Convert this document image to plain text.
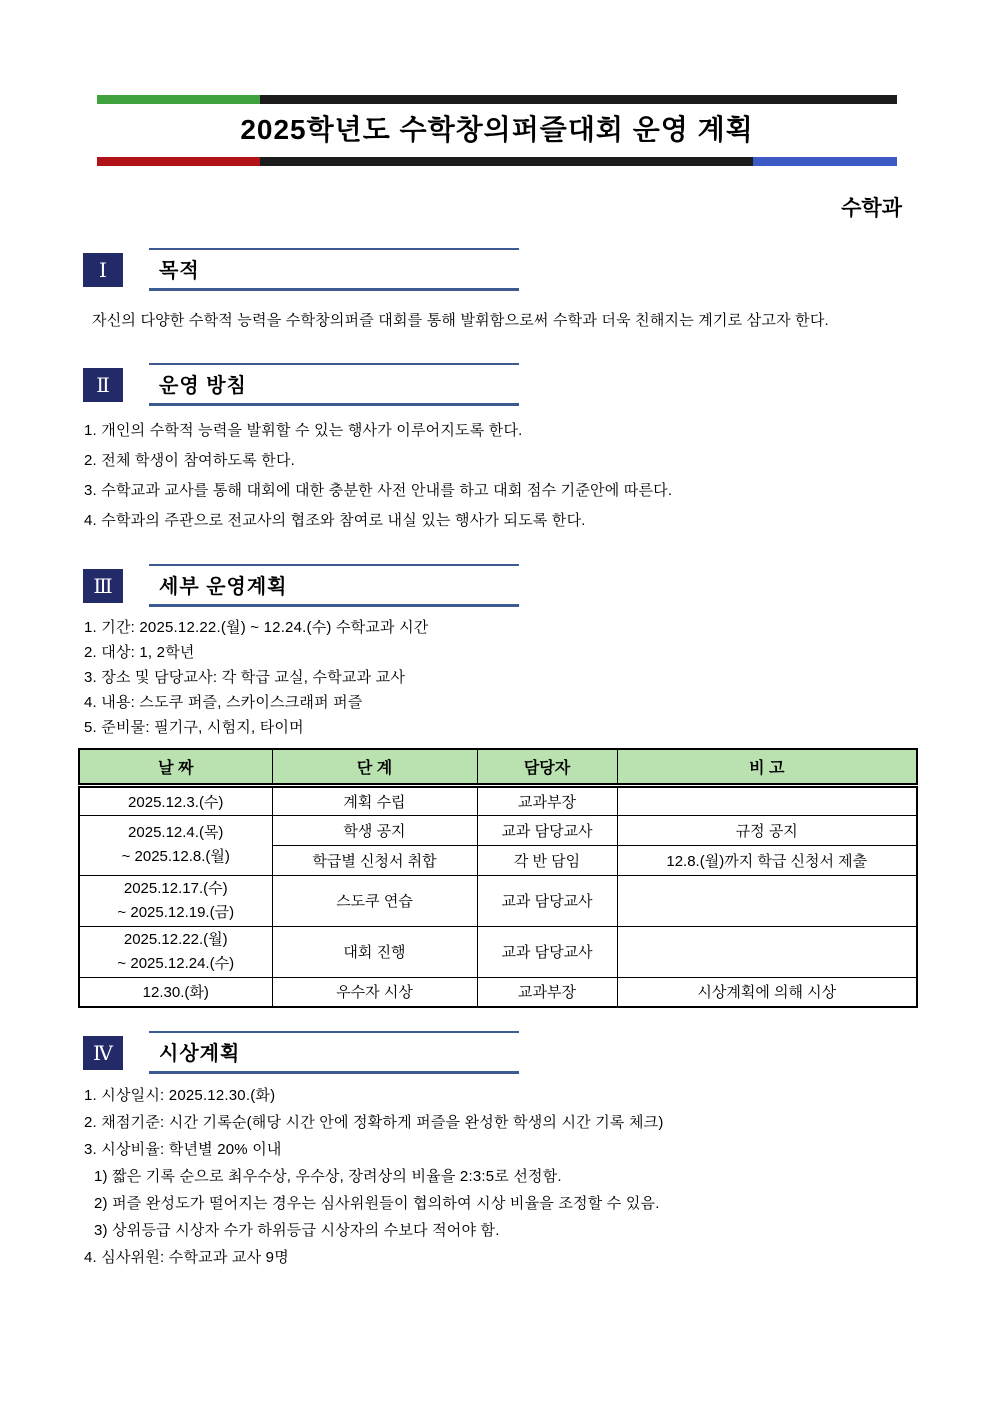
2025학년도 수학창의퍼즐대회 운영 계획
수학과
Ⅰ	목적
자신의 다양한 수학적 능력을 수학창의퍼즐 대회를 통해 발휘함으로써 수학과 더욱 친해지는 계기로 삼고자 한다.
Ⅱ	운영 방침
1. 개인의 수학적 능력을 발휘할 수 있는 행사가 이루어지도록 한다.
2. 전체 학생이 참여하도록 한다.
3. 수학교과 교사를 통해 대회에 대한 충분한 사전 안내를 하고 대회 점수 기준안에 따른다.
4. 수학과의 주관으로 전교사의 협조와 참여로 내실 있는 행사가 되도록 한다.
Ⅲ	세부 운영계획
1. 기간: 2025.12.22.(월) ~ 12.24.(수) 수학교과 시간
2. 대상: 1, 2학년
3. 장소 및 담당교사: 각 학급 교실, 수학교과 교사
4. 내용: 스도쿠 퍼즐, 스카이스크래퍼 퍼즐
5. 준비물: 필기구, 시험지, 타이머
날 짜	단 계	담당자	비 고
2025.12.3.(수)	계획 수립	교과부장	

2025.12.4.(목)
~ 2025.12.8.(월)	학생 공지	교과 담당교사	규정 공지
	학급별 신청서 취합	각 반 담임	12.8.(월)까지 학급 신청서 제출

2025.12.17.(수)
~ 2025.12.19.(금)	스도쿠 연습	교과 담당교사	

2025.12.22.(월)
~ 2025.12.24.(수)	대회 진행	교과 담당교사	
12.30.(화)	우수자 시상	교과부장	시상계획에 의해 시상
Ⅳ	시상계획
1. 시상일시: 2025.12.30.(화)
2. 채점기준: 시간 기록순(해당 시간 안에 정확하게 퍼즐을 완성한 학생의 시간 기록 체크)
3. 시상비율: 학년별 20% 이내
1) 짧은 기록 순으로 최우수상, 우수상, 장려상의 비율을 2:3:5로 선정함.
2) 퍼즐 완성도가 떨어지는 경우는 심사위원들이 협의하여 시상 비율을 조정할 수 있음.
3) 상위등급 시상자 수가 하위등급 시상자의 수보다 적어야 함.
4. 심사위원: 수학교과 교사 9명
